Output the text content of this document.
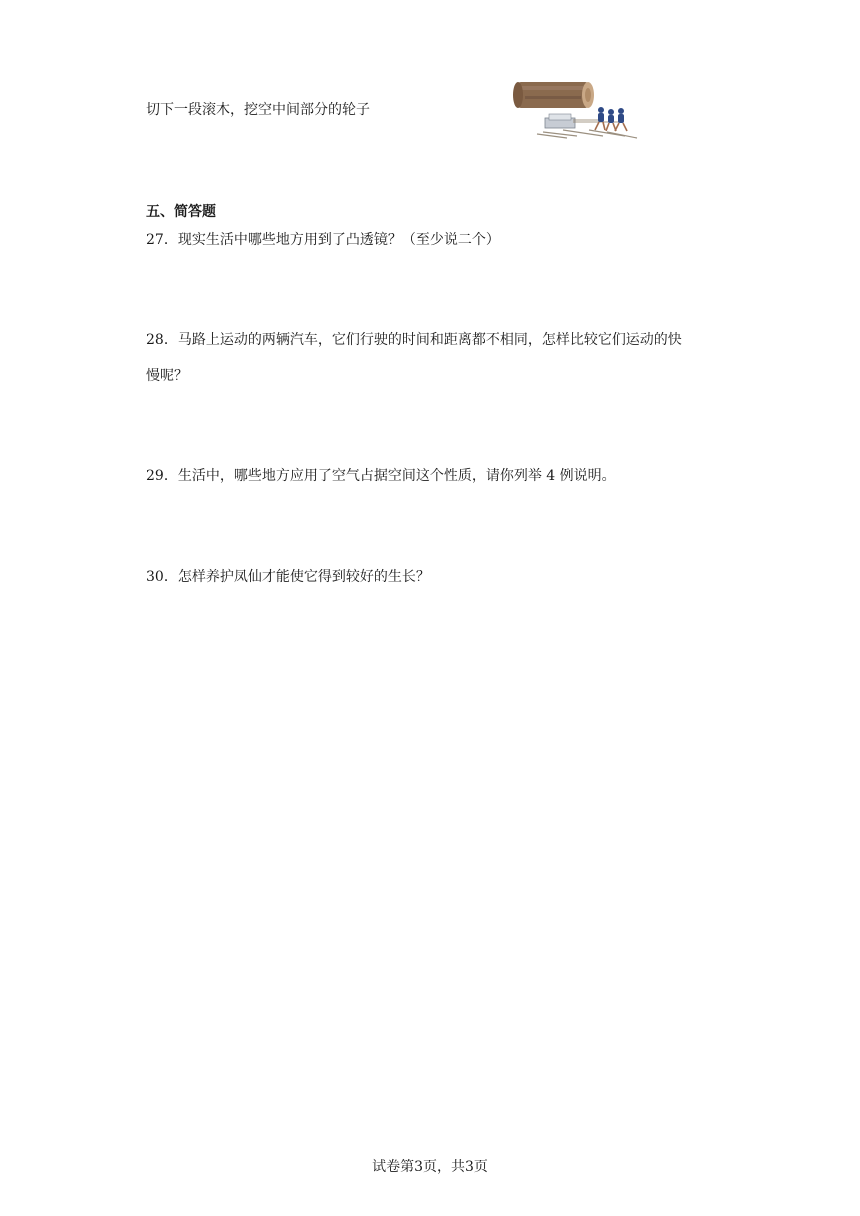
切下一段滚木，挖空中间部分的轮子
五、简答题
27．现实生活中哪些地方用到了凸透镜？（至少说二个）
28．马路上运动的两辆汽车，它们行驶的时间和距离都不相同，怎样比较它们运动的快
慢呢？
29．生活中，哪些地方应用了空气占据空间这个性质，请你列举 4 例说明。
30．怎样养护凤仙才能使它得到较好的生长？
试卷第3页，共3页
